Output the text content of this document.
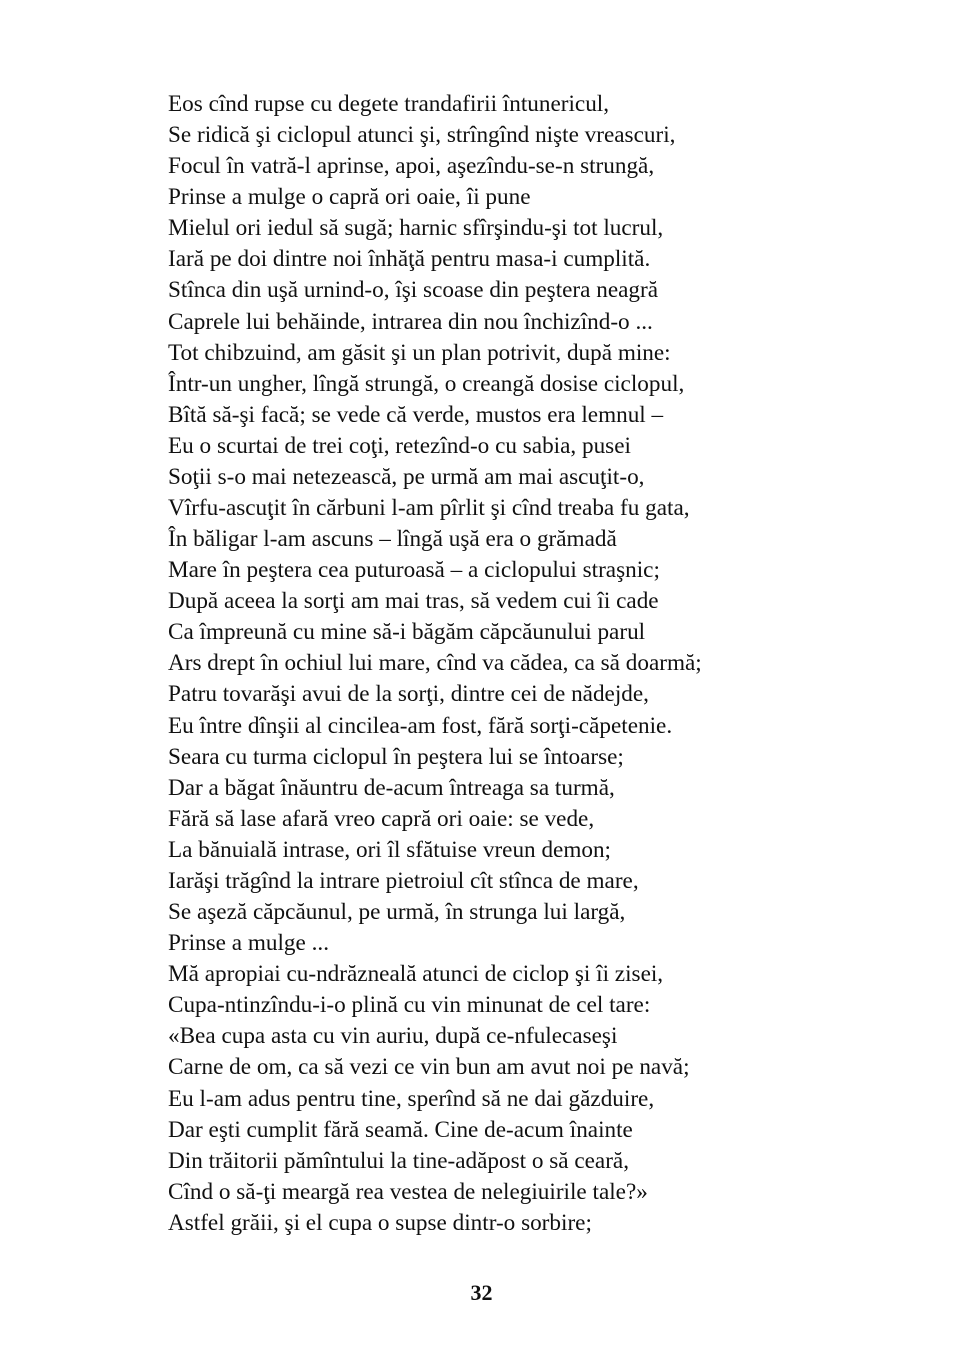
Eos cînd rupse cu degete trandafirii întunericul,
Se ridică şi ciclopul atunci şi, strîngînd nişte vreascuri,
Focul în vatră-l aprinse, apoi, aşezîndu-se-n strungă,
Prinse a mulge o capră ori oaie, îi pune
Mielul ori iedul să sugă; harnic sfîrşindu-şi tot lucrul,
Iară pe doi dintre noi înhăţă pentru masa-i cumplită.
Stînca din uşă urnind-o, îşi scoase din peştera neagră
Caprele lui behăinde, intrarea din nou închizînd-o ...
Tot chibzuind, am găsit şi un plan potrivit, după mine:
Într-un ungher, lîngă strungă, o creangă dosise ciclopul,
Bîtă să-şi facă; se vede că verde, mustos era lemnul –
Eu o scurtai de trei coţi, retezînd-o cu sabia, pusei
Soţii s-o mai netezească, pe urmă am mai ascuţit-o,
Vîrfu-ascuţit în cărbuni l-am pîrlit şi cînd treaba fu gata,
În băligar l-am ascuns – lîngă uşă era o grămadă
Mare în peştera cea puturoasă – a ciclopului straşnic;
După aceea la sorţi am mai tras, să vedem cui îi cade
Ca împreună cu mine să-i băgăm căpcăunului parul
Ars drept în ochiul lui mare, cînd va cădea, ca să doarmă;
Patru tovarăşi avui de la sorţi, dintre cei de nădejde,
Eu între dînşii al cincilea-am fost, fără sorţi-căpetenie.
Seara cu turma ciclopul în peştera lui se întoarse;
Dar a băgat înăuntru de-acum întreaga sa turmă,
Fără să lase afară vreo capră ori oaie: se vede,
La bănuială intrase, ori îl sfătuise vreun demon;
Iarăşi trăgînd la intrare pietroiul cît stînca de mare,
Se aşeză căpcăunul, pe urmă, în strunga lui largă,
Prinse a mulge ...
Mă apropiai cu-ndrăzneală atunci de ciclop şi îi zisei,
Cupa-ntinzîndu-i-o plină cu vin minunat de cel tare:
«Bea cupa asta cu vin auriu, după ce-nfulecaseşi
Carne de om, ca să vezi ce vin bun am avut noi pe navă;
Eu l-am adus pentru tine, sperînd să ne dai găzduire,
Dar eşti cumplit fără seamă. Cine de-acum înainte
Din trăitorii pămîntului la tine-adăpost o să ceară,
Cînd o să-ţi meargă rea vestea de nelegiuirile tale?»
Astfel grăii, şi el cupa o supse dintr-o sorbire;
32
